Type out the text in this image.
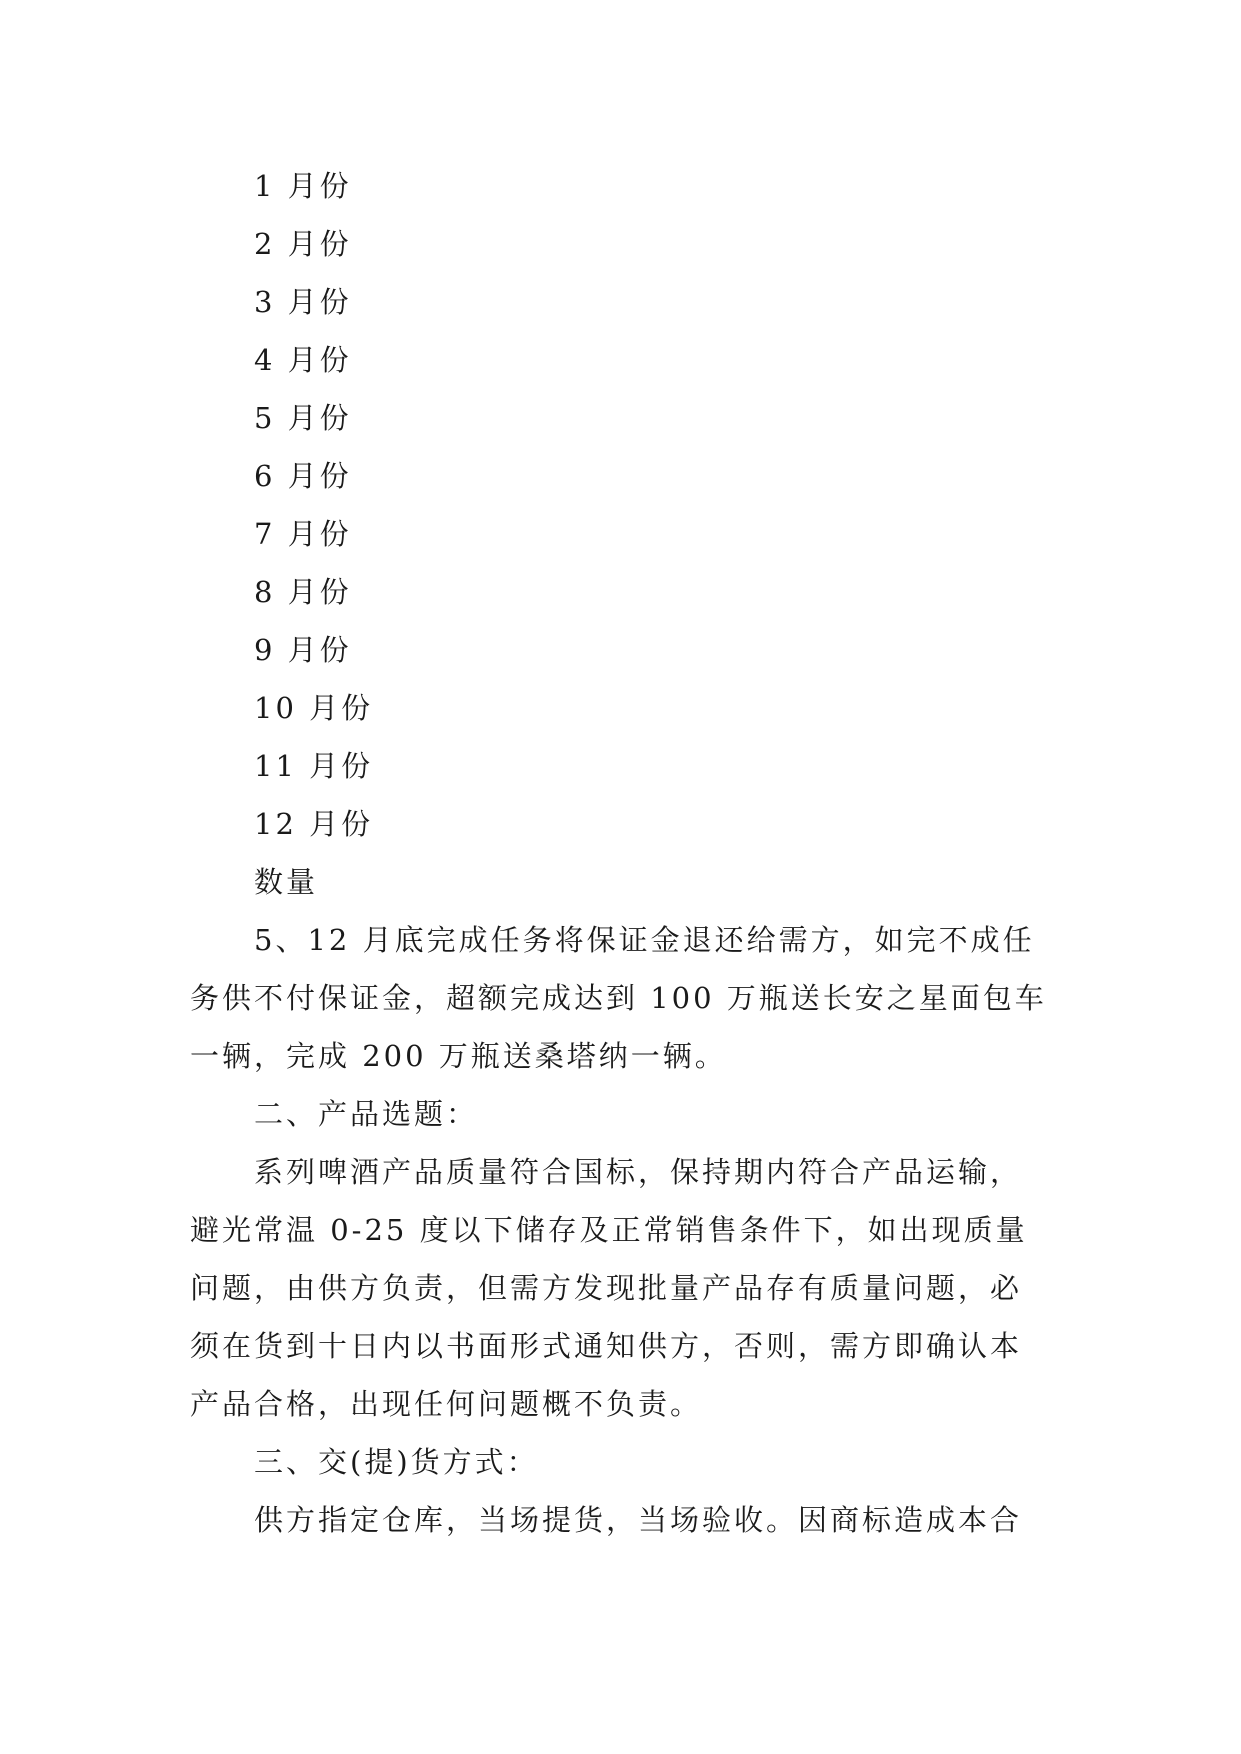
1 月份

2 月份

3 月份

4 月份

5 月份

6 月份

7 月份

8 月份

9 月份

10 月份

11 月份

12 月份

数量

5、12 月底完成任务将保证金退还给需方，如完不成任

务供不付保证金，超额完成达到 100 万瓶送长安之星面包车

一辆，完成 200 万瓶送桑塔纳一辆。

二、产品选题：

系列啤酒产品质量符合国标，保持期内符合产品运输，

避光常温 0-25 度以下储存及正常销售条件下，如出现质量

问题，由供方负责，但需方发现批量产品存有质量问题，必

须在货到十日内以书面形式通知供方，否则，需方即确认本

产品合格，出现任何问题概不负责。

三、交(提)货方式：

供方指定仓库，当场提货，当场验收。因商标造成本合
